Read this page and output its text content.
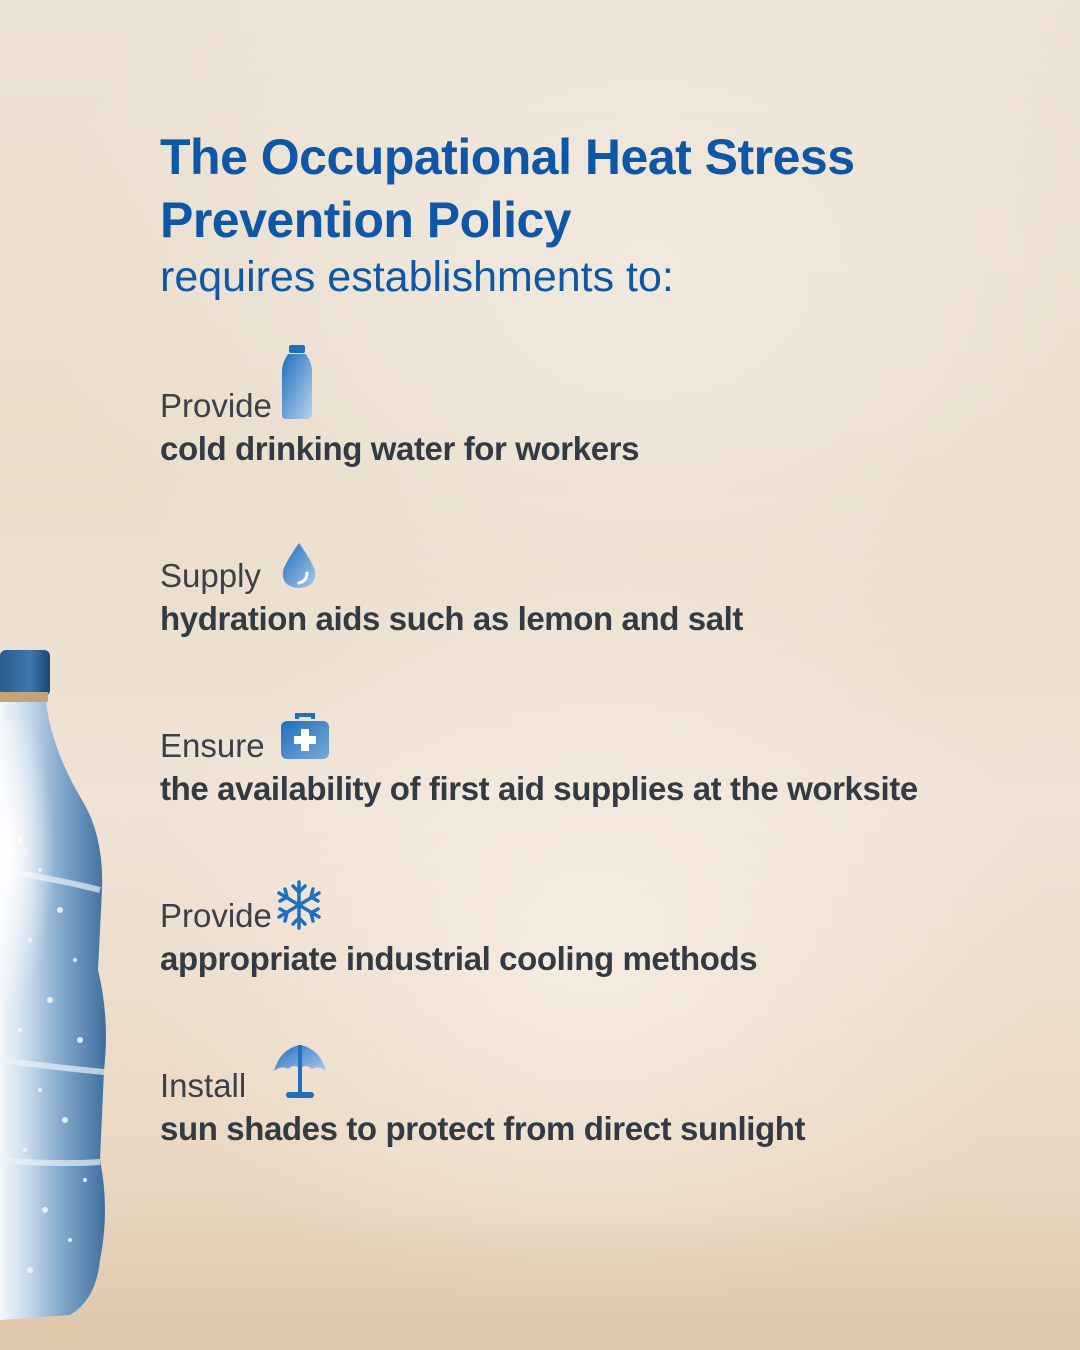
The Occupational Heat Stress
Prevention Policy

requires establishments to:

Provide
cold drinking water for workers
Supply
hydration aids such as lemon and salt
Ensure
the availability of first aid supplies at the worksite
Provide
appropriate industrial cooling methods
Install
sun shades to protect from direct sunlight
